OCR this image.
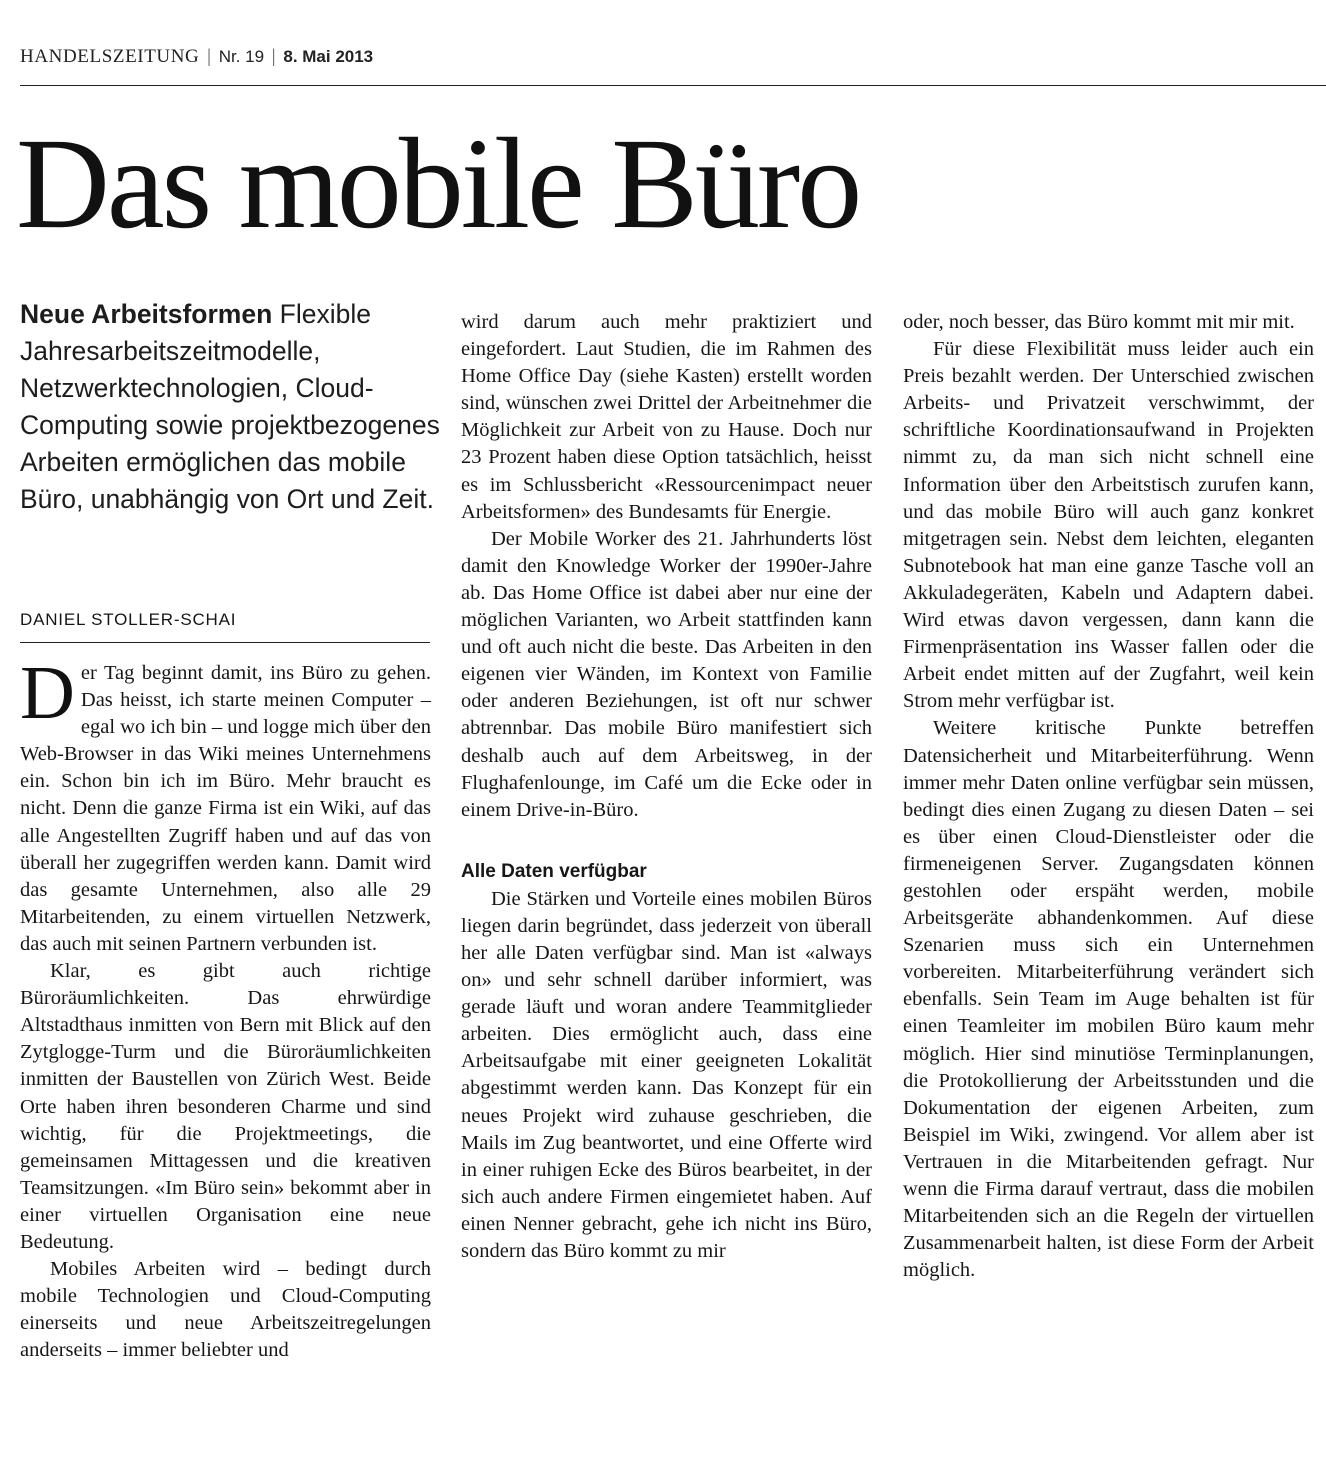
HANDELSZEITUNG | Nr. 19 | 8. Mai 2013
Das mobile Büro
Neue Arbeitsformen Flexible Jahresarbeitszeitmodelle, Netzwerktechnologien, Cloud-Computing sowie projektbezogenes Arbeiten ermöglichen das mobile Büro, unabhängig von Ort und Zeit.
DANIEL STOLLER-SCHAI

Der Tag beginnt damit, ins Büro zu gehen. Das heisst, ich starte meinen Computer – egal wo ich bin – und logge mich über den Web-Browser in das Wiki meines Unternehmens ein. Schon bin ich im Büro. Mehr braucht es nicht. Denn die ganze Firma ist ein Wiki, auf das alle Angestellten Zugriff haben und auf das von überall her zugegriffen werden kann. Damit wird das gesamte Unternehmen, also alle 29 Mitarbeitenden, zu einem virtuellen Netzwerk, das auch mit seinen Partnern verbunden ist.

Klar, es gibt auch richtige Büroräumlichkeiten. Das ehrwürdige Altstadthaus inmitten von Bern mit Blick auf den Zytglogge-Turm und die Büroräumlichkeiten inmitten der Baustellen von Zürich West. Beide Orte haben ihren besonderen Charme und sind wichtig, für die Projektmeetings, die gemeinsamen Mittagessen und die kreativen Teamsitzungen. «Im Büro sein» bekommt aber in einer virtuellen Organisation eine neue Bedeutung.

Mobiles Arbeiten wird – bedingt durch mobile Technologien und Cloud-Computing einerseits und neue Arbeitszeitregelungen anderseits – immer beliebter und

wird darum auch mehr praktiziert und eingefordert. Laut Studien, die im Rahmen des Home Office Day (siehe Kasten) erstellt worden sind, wünschen zwei Drittel der Arbeitnehmer die Möglichkeit zur Arbeit von zu Hause. Doch nur 23 Prozent haben diese Option tatsächlich, heisst es im Schlussbericht «Ressourcenimpact neuer Arbeitsformen» des Bundesamts für Energie.

Der Mobile Worker des 21. Jahrhunderts löst damit den Knowledge Worker der 1990er-Jahre ab. Das Home Office ist dabei aber nur eine der möglichen Varianten, wo Arbeit stattfinden kann und oft auch nicht die beste. Das Arbeiten in den eigenen vier Wänden, im Kontext von Familie oder anderen Beziehungen, ist oft nur schwer abtrennbar. Das mobile Büro manifestiert sich deshalb auch auf dem Arbeitsweg, in der Flughafenlounge, im Café um die Ecke oder in einem Drive-in-Büro.

Alle Daten verfügbar

Die Stärken und Vorteile eines mobilen Büros liegen darin begründet, dass jederzeit von überall her alle Daten verfügbar sind. Man ist «always on» und sehr schnell darüber informiert, was gerade läuft und woran andere Teammitglieder arbeiten. Dies ermöglicht auch, dass eine Arbeitsaufgabe mit einer geeigneten Lokalität abgestimmt werden kann. Das Konzept für ein neues Projekt wird zuhause geschrieben, die Mails im Zug beantwortet, und eine Offerte wird in einer ruhigen Ecke des Büros bearbeitet, in der sich auch andere Firmen eingemietet haben. Auf einen Nenner gebracht, gehe ich nicht ins Büro, sondern das Büro kommt zu mir

oder, noch besser, das Büro kommt mit mir mit.

Für diese Flexibilität muss leider auch ein Preis bezahlt werden. Der Unterschied zwischen Arbeits- und Privatzeit verschwimmt, der schriftliche Koordinationsaufwand in Projekten nimmt zu, da man sich nicht schnell eine Information über den Arbeitstisch zurufen kann, und das mobile Büro will auch ganz konkret mitgetragen sein. Nebst dem leichten, eleganten Subnotebook hat man eine ganze Tasche voll an Akkuladegeräten, Kabeln und Adaptern dabei. Wird etwas davon vergessen, dann kann die Firmenpräsentation ins Wasser fallen oder die Arbeit endet mitten auf der Zugfahrt, weil kein Strom mehr verfügbar ist.

Weitere kritische Punkte betreffen Datensicherheit und Mitarbeiterführung. Wenn immer mehr Daten online verfügbar sein müssen, bedingt dies einen Zugang zu diesen Daten – sei es über einen Cloud-Dienstleister oder die firmeneigenen Server. Zugangsdaten können gestohlen oder erspäht werden, mobile Arbeitsgeräte abhandenkommen. Auf diese Szenarien muss sich ein Unternehmen vorbereiten. Mitarbeiterführung verändert sich ebenfalls. Sein Team im Auge behalten ist für einen Teamleiter im mobilen Büro kaum mehr möglich. Hier sind minutiöse Terminplanungen, die Protokollierung der Arbeitsstunden und die Dokumentation der eigenen Arbeiten, zum Beispiel im Wiki, zwingend. Vor allem aber ist Vertrauen in die Mitarbeitenden gefragt. Nur wenn die Firma darauf vertraut, dass die mobilen Mitarbeitenden sich an die Regeln der virtuellen Zusammenarbeit halten, ist diese Form der Arbeit möglich.
